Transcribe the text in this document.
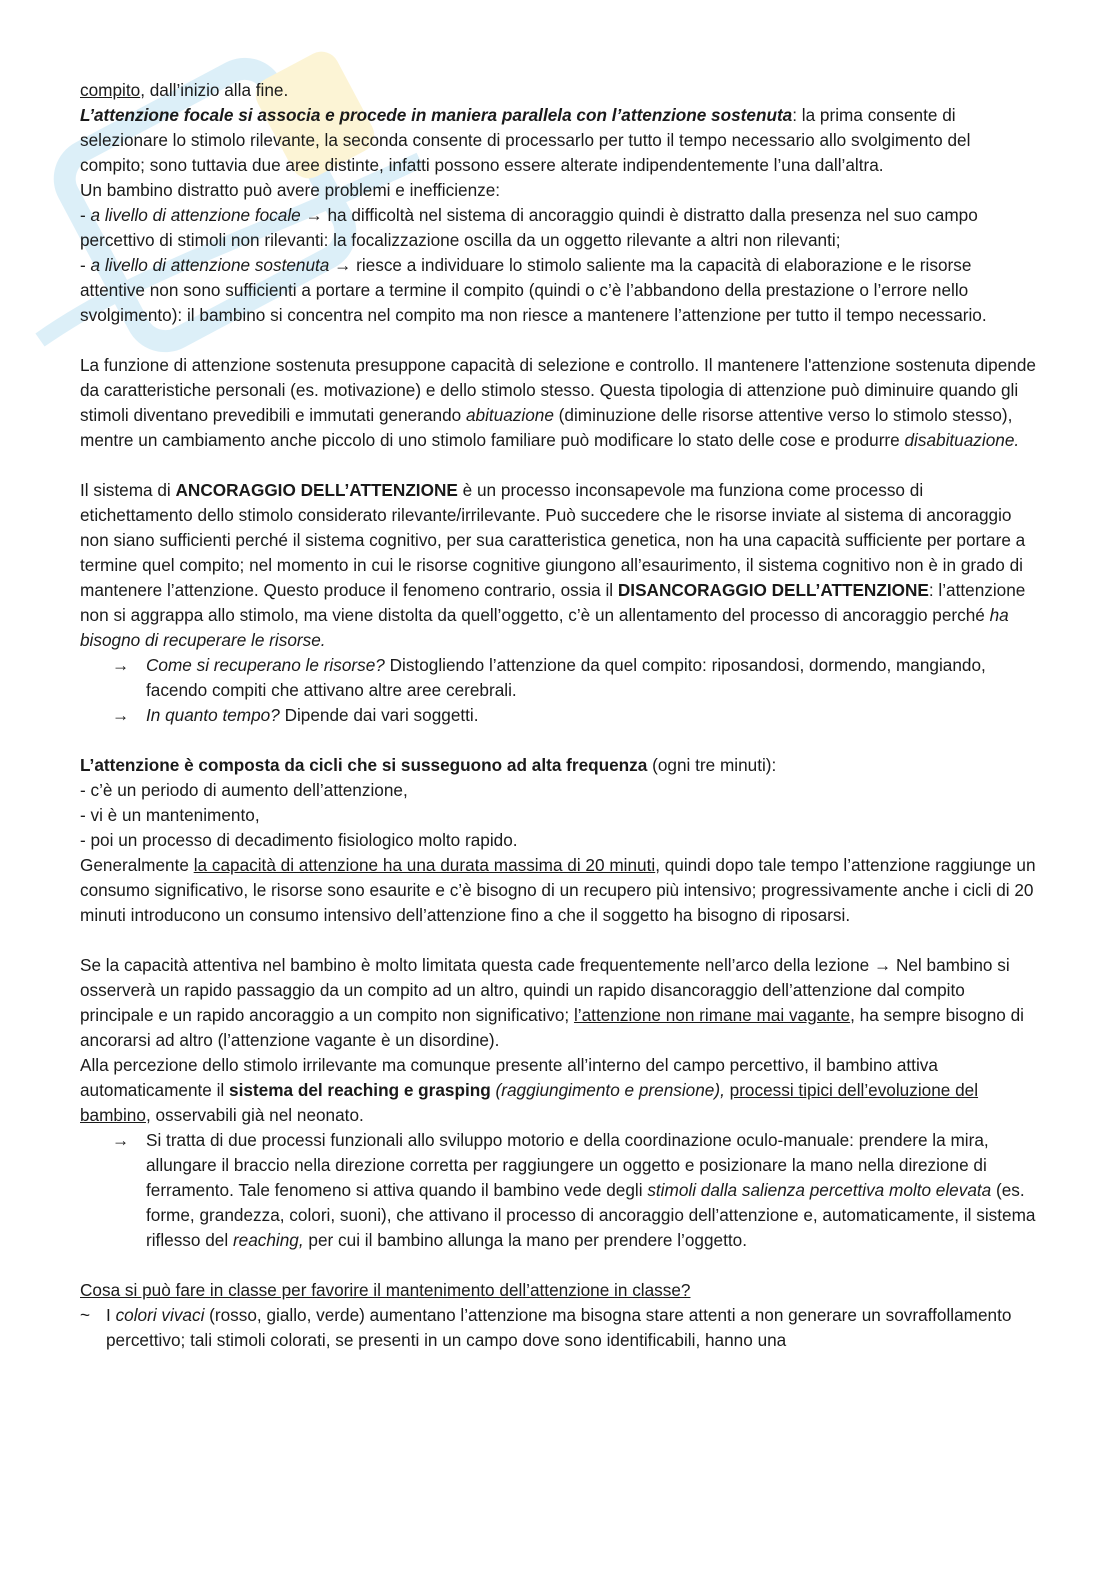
compito, dall’inizio alla fine.

L’attenzione focale si associa e procede in maniera parallela con l’attenzione sostenuta: la prima consente di selezionare lo stimolo rilevante, la seconda consente di processarlo per tutto il tempo necessario allo svolgimento del compito; sono tuttavia due aree distinte, infatti possono essere alterate indipendentemente l’una dall’altra.

Un bambino distratto può avere problemi e inefficienze:

- a livello di attenzione focale → ha difficoltà nel sistema di ancoraggio quindi è distratto dalla presenza nel suo campo percettivo di stimoli non rilevanti: la focalizzazione oscilla da un oggetto rilevante a altri non rilevanti;

- a livello di attenzione sostenuta → riesce a individuare lo stimolo saliente ma la capacità di elaborazione e le risorse attentive non sono sufficienti a portare a termine il compito (quindi o c’è l’abbandono della prestazione o l’errore nello svolgimento): il bambino si concentra nel compito ma non riesce a mantenere l’attenzione per tutto il tempo necessario.

La funzione di attenzione sostenuta presuppone capacità di selezione e controllo. Il mantenere l'attenzione sostenuta dipende da caratteristiche personali (es. motivazione) e dello stimolo stesso. Questa tipologia di attenzione può diminuire quando gli stimoli diventano prevedibili e immutati generando abituazione (diminuzione delle risorse attentive verso lo stimolo stesso), mentre un cambiamento anche piccolo di uno stimolo familiare può modificare lo stato delle cose e produrre disabituazione.

Il sistema di ANCORAGGIO DELL’ATTENZIONE è un processo inconsapevole ma funziona come processo di etichettamento dello stimolo considerato rilevante/irrilevante. Può succedere che le risorse inviate al sistema di ancoraggio non siano sufficienti perché il sistema cognitivo, per sua caratteristica genetica, non ha una capacità sufficiente per portare a termine quel compito; nel momento in cui le risorse cognitive giungono all’esaurimento, il sistema cognitivo non è in grado di mantenere l’attenzione. Questo produce il fenomeno contrario, ossia il DISANCORAGGIO DELL’ATTENZIONE: l’attenzione non si aggrappa allo stimolo, ma viene distolta da quell’oggetto, c’è un allentamento del processo di ancoraggio perché ha bisogno di recuperare le risorse.

→ Come si recuperano le risorse? Distogliendo l’attenzione da quel compito: riposandosi, dormendo, mangiando, facendo compiti che attivano altre aree cerebrali.

→ In quanto tempo? Dipende dai vari soggetti.

L’attenzione è composta da cicli che si susseguono ad alta frequenza (ogni tre minuti):

- c’è un periodo di aumento dell’attenzione,

- vi è un mantenimento,

- poi un processo di decadimento fisiologico molto rapido.

Generalmente la capacità di attenzione ha una durata massima di 20 minuti, quindi dopo tale tempo l’attenzione raggiunge un consumo significativo, le risorse sono esaurite e c’è bisogno di un recupero più intensivo; progressivamente anche i cicli di 20 minuti introducono un consumo intensivo dell’attenzione fino a che il soggetto ha bisogno di riposarsi.

Se la capacità attentiva nel bambino è molto limitata questa cade frequentemente nell’arco della lezione → Nel bambino si osserverà un rapido passaggio da un compito ad un altro, quindi un rapido disancoraggio dell’attenzione dal compito principale e un rapido ancoraggio a un compito non significativo; l’attenzione non rimane mai vagante, ha sempre bisogno di ancorarsi ad altro (l’attenzione vagante è un disordine).

Alla percezione dello stimolo irrilevante ma comunque presente all’interno del campo percettivo, il bambino attiva automaticamente il sistema del reaching e grasping (raggiungimento e prensione), processi tipici dell’evoluzione del bambino, osservabili già nel neonato.

→ Si tratta di due processi funzionali allo sviluppo motorio e della coordinazione oculo-manuale: prendere la mira, allungare il braccio nella direzione corretta per raggiungere un oggetto e posizionare la mano nella direzione di ferramento. Tale fenomeno si attiva quando il bambino vede degli stimoli dalla salienza percettiva molto elevata (es. forme, grandezza, colori, suoni), che attivano il processo di ancoraggio dell’attenzione e, automaticamente, il sistema riflesso del reaching, per cui il bambino allunga la mano per prendere l’oggetto.

Cosa si può fare in classe per favorire il mantenimento dell’attenzione in classe?

~ I colori vivaci (rosso, giallo, verde) aumentano l’attenzione ma bisogna stare attenti a non generare un sovraffollamento percettivo; tali stimoli colorati, se presenti in un campo dove sono identificabili, hanno una
